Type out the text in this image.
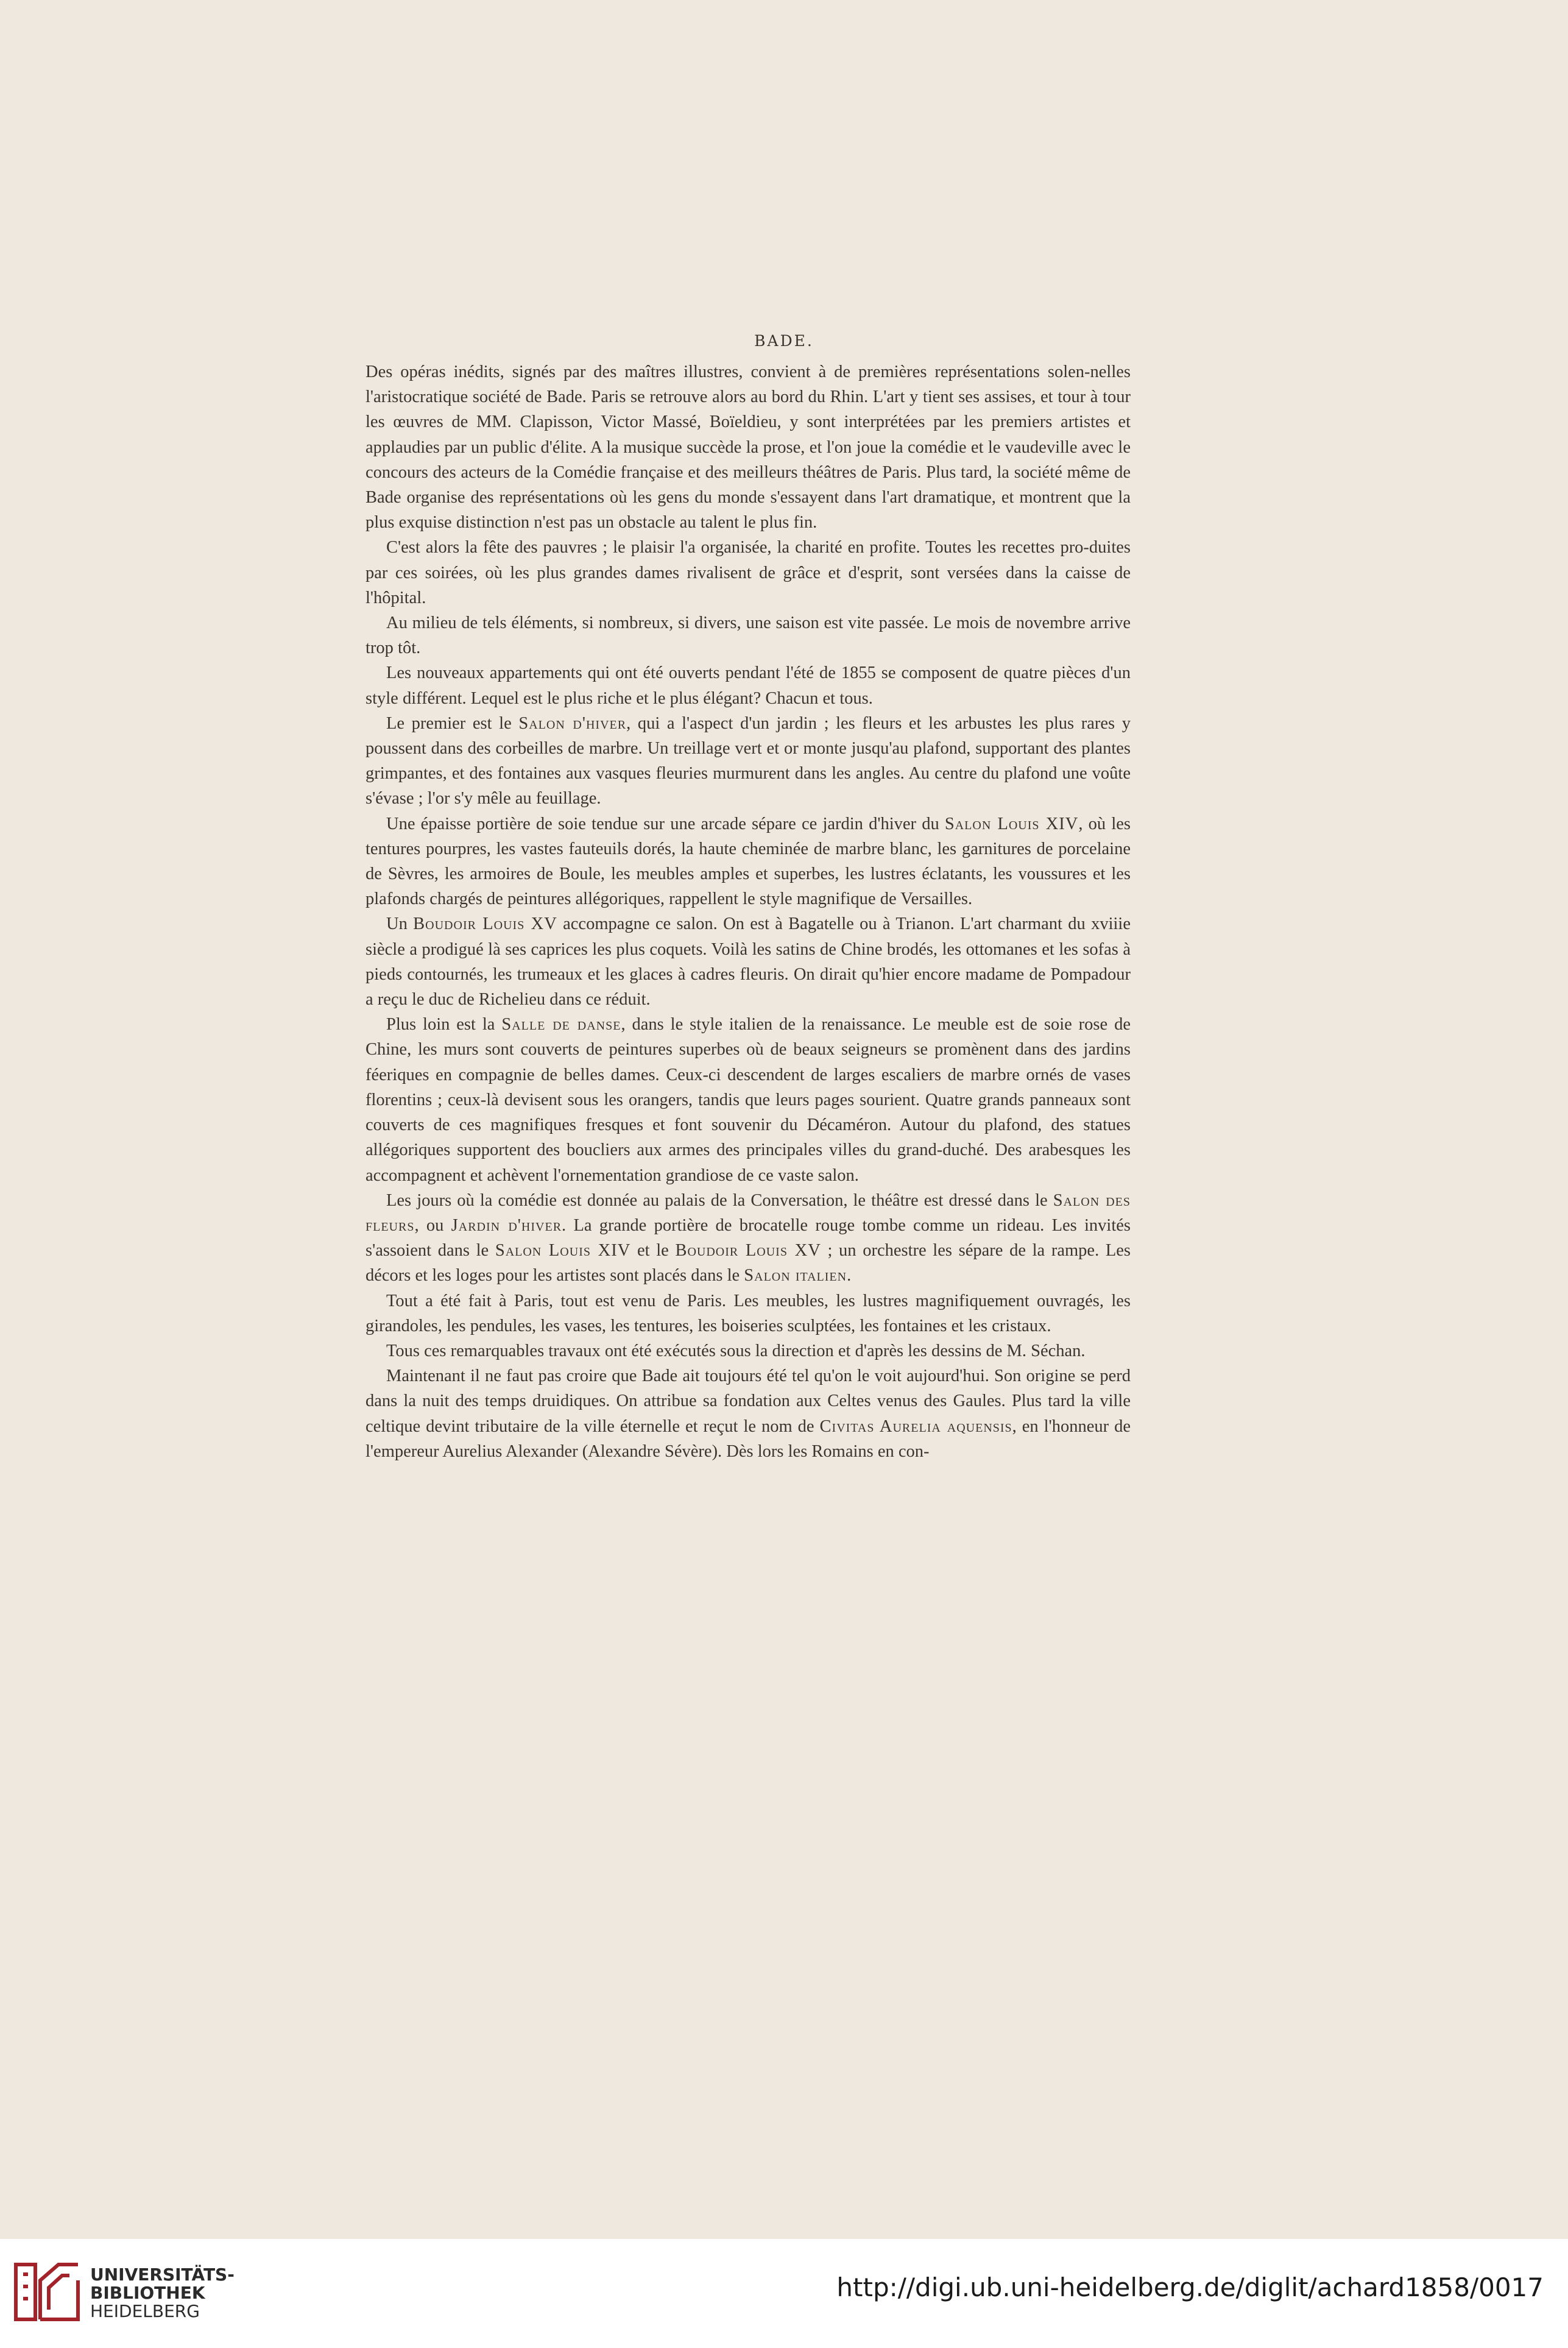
BADE.

Des opéras inédits, signés par des maîtres illustres, convient à de premières représentations solen-nelles l'aristocratique société de Bade. Paris se retrouve alors au bord du Rhin. L'art y tient ses assises, et tour à tour les œuvres de MM. Clapisson, Victor Massé, Boïeldieu, y sont interprétées par les premiers artistes et applaudies par un public d'élite. A la musique succède la prose, et l'on joue la comédie et le vaudeville avec le concours des acteurs de la Comédie française et des meilleurs théâtres de Paris. Plus tard, la société même de Bade organise des représentations où les gens du monde s'essayent dans l'art dramatique, et montrent que la plus exquise distinction n'est pas un obstacle au talent le plus fin.

C'est alors la fête des pauvres ; le plaisir l'a organisée, la charité en profite. Toutes les recettes pro-duites par ces soirées, où les plus grandes dames rivalisent de grâce et d'esprit, sont versées dans la caisse de l'hôpital.

Au milieu de tels éléments, si nombreux, si divers, une saison est vite passée. Le mois de novembre arrive trop tôt.

Les nouveaux appartements qui ont été ouverts pendant l'été de 1855 se composent de quatre pièces d'un style différent. Lequel est le plus riche et le plus élégant? Chacun et tous.

Le premier est le Salon d'hiver, qui a l'aspect d'un jardin ; les fleurs et les arbustes les plus rares y poussent dans des corbeilles de marbre. Un treillage vert et or monte jusqu'au plafond, supportant des plantes grimpantes, et des fontaines aux vasques fleuries murmurent dans les angles. Au centre du plafond une voûte s'évase ; l'or s'y mêle au feuillage.

Une épaisse portière de soie tendue sur une arcade sépare ce jardin d'hiver du Salon Louis XIV, où les tentures pourpres, les vastes fauteuils dorés, la haute cheminée de marbre blanc, les garnitures de porcelaine de Sèvres, les armoires de Boule, les meubles amples et superbes, les lustres éclatants, les voussures et les plafonds chargés de peintures allégoriques, rappellent le style magnifique de Versailles.

Un Boudoir Louis XV accompagne ce salon. On est à Bagatelle ou à Trianon. L'art charmant du xviiie siècle a prodigué là ses caprices les plus coquets. Voilà les satins de Chine brodés, les ottomanes et les sofas à pieds contournés, les trumeaux et les glaces à cadres fleuris. On dirait qu'hier encore madame de Pompadour a reçu le duc de Richelieu dans ce réduit.

Plus loin est la Salle de danse, dans le style italien de la renaissance. Le meuble est de soie rose de Chine, les murs sont couverts de peintures superbes où de beaux seigneurs se promènent dans des jardins féeriques en compagnie de belles dames. Ceux-ci descendent de larges escaliers de marbre ornés de vases florentins ; ceux-là devisent sous les orangers, tandis que leurs pages sourient. Quatre grands panneaux sont couverts de ces magnifiques fresques et font souvenir du Décaméron. Autour du plafond, des statues allégoriques supportent des boucliers aux armes des principales villes du grand-duché. Des arabesques les accompagnent et achèvent l'ornementation grandiose de ce vaste salon.

Les jours où la comédie est donnée au palais de la Conversation, le théâtre est dressé dans le Salon des fleurs, ou Jardin d'hiver. La grande portière de brocatelle rouge tombe comme un rideau. Les invités s'assoient dans le Salon Louis XIV et le Boudoir Louis XV ; un orchestre les sépare de la rampe. Les décors et les loges pour les artistes sont placés dans le Salon italien.

Tout a été fait à Paris, tout est venu de Paris. Les meubles, les lustres magnifiquement ouvragés, les girandoles, les pendules, les vases, les tentures, les boiseries sculptées, les fontaines et les cristaux.

Tous ces remarquables travaux ont été exécutés sous la direction et d'après les dessins de M. Séchan.

Maintenant il ne faut pas croire que Bade ait toujours été tel qu'on le voit aujourd'hui. Son origine se perd dans la nuit des temps druidiques. On attribue sa fondation aux Celtes venus des Gaules. Plus tard la ville celtique devint tributaire de la ville éternelle et reçut le nom de Civitas Aurelia aquensis, en l'honneur de l'empereur Aurelius Alexander (Alexandre Sévère). Dès lors les Romains en con-

UNIVERSITÄTS-
BIBLIOTHEK
HEIDELBERG
http://digi.ub.uni-heidelberg.de/diglit/achard1858/0017
